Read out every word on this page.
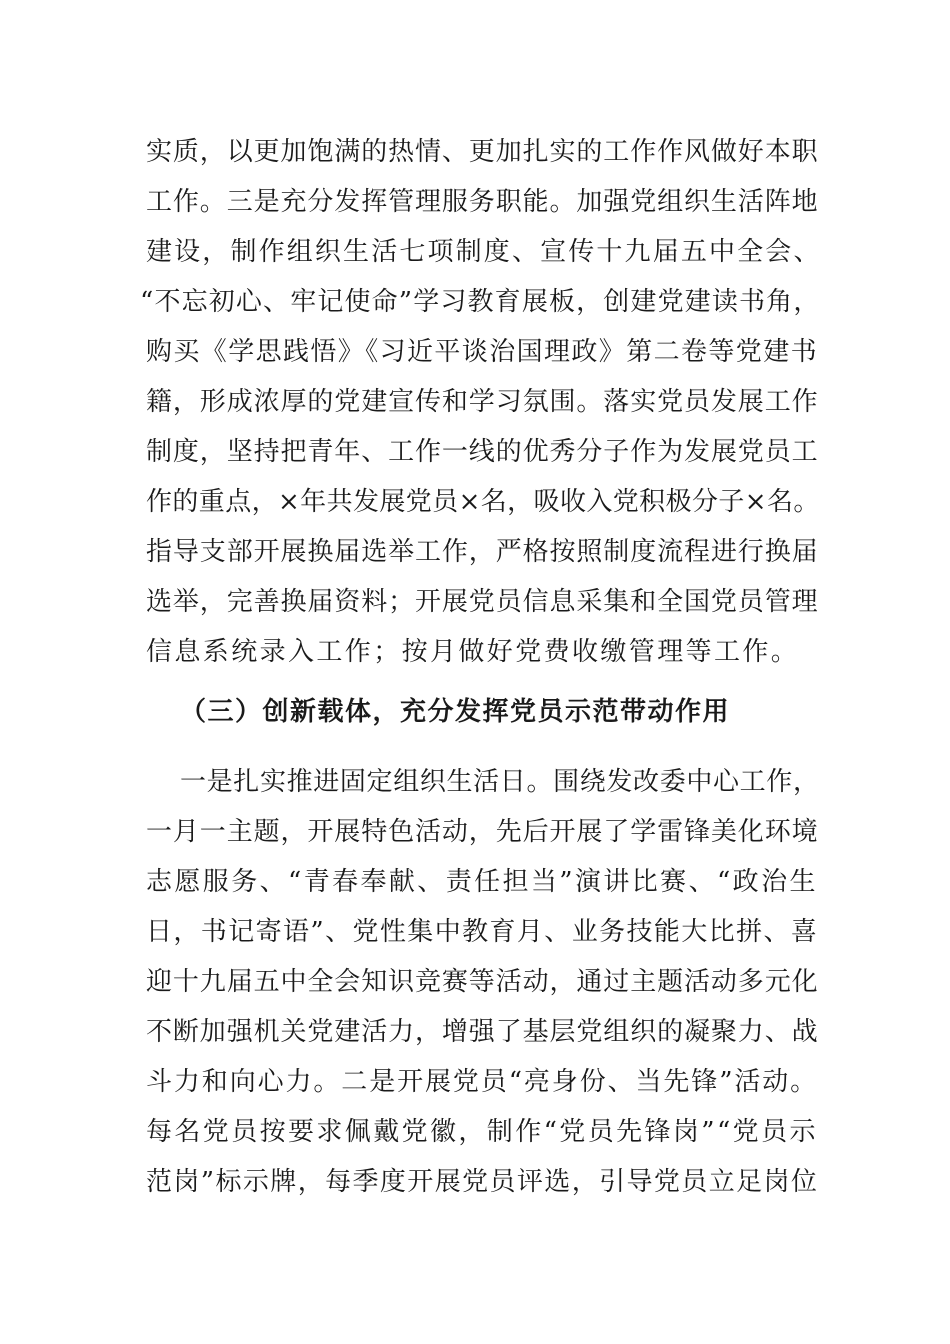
实质，以更加饱满的热情、更加扎实的工作作风做好本职
工作。三是充分发挥管理服务职能。加强党组织生活阵地
建设，制作组织生活七项制度、宣传十九届五中全会、
“不忘初心、牢记使命”学习教育展板，创建党建读书角，
购买《学思践悟》《习近平谈治国理政》第二卷等党建书
籍，形成浓厚的党建宣传和学习氛围。落实党员发展工作
制度，坚持把青年、工作一线的优秀分子作为发展党员工
作的重点，×年共发展党员×名，吸收入党积极分子×名。
指导支部开展换届选举工作，严格按照制度流程进行换届
选举，完善换届资料；开展党员信息采集和全国党员管理
信息系统录入工作；按月做好党费收缴管理等工作。
（三）创新载体，充分发挥党员示范带动作用
一是扎实推进固定组织生活日。围绕发改委中心工作，
一月一主题，开展特色活动，先后开展了学雷锋美化环境
志愿服务、“青春奉献、责任担当”演讲比赛、“政治生
日，书记寄语”、党性集中教育月、业务技能大比拼、喜
迎十九届五中全会知识竞赛等活动，通过主题活动多元化
不断加强机关党建活力，增强了基层党组织的凝聚力、战
斗力和向心力。二是开展党员“亮身份、当先锋”活动。
每名党员按要求佩戴党徽，制作“党员先锋岗”“党员示
范岗”标示牌，每季度开展党员评选，引导党员立足岗位
